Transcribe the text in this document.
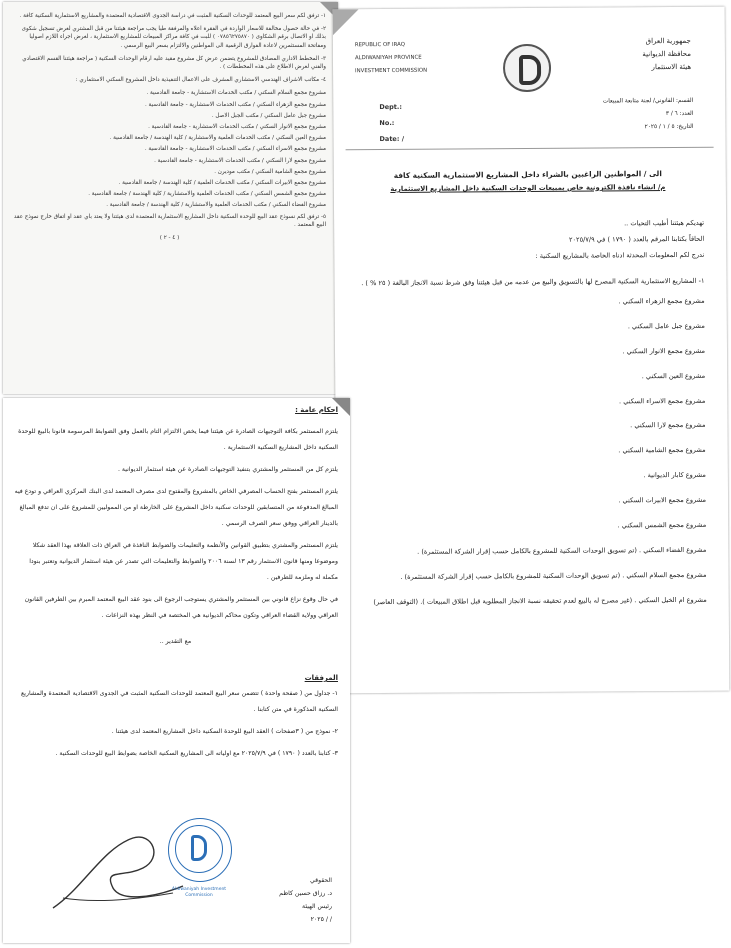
١- ترفق لكم سعر البيع المعتمد للوحدات السكنية المثبت في دراسة الجدوى الاقتصادية المعتمدة والمشاريع الاستثمارية السكنية كافة .

٢- في حالة حصول مخالفة للاسعار الواردة في الفقرة اعلاه والمرفقة طيا يجب مراجعة هيئتنا من قبل المشتري لغرض تسجيل شكوى بذلك او الاتصال برقم الشكاوى ( ٠٧٨٥٦٢٧٥٨٧٠ ) للبت في كافة مراكز المبيعات للمشاريع الاستثمارية ، لغرض اجراء اللازم اصوليا ومفاتحة المستثمرين لاعادة الفوارق الرقمية الى المواطنين والالتزام بسعر البيع الرسمي .

٣- المخطط الاداري المصادق للمشروع يتضمن عرض كل مشروع مقيد عليه ارقام الوحدات السكنية ( مراجعة هيئتنا القسم الاقتصادي والفني لغرض الاطلاع على هذه المخططات ) .

٤- مكاتب الاشراف الهندسي الاستشاري المشرف على الاعمال التنفيذية داخل المشروع السكني الاستثماري :

مشروع مجمع السلام السكني / مكتب الخدمات الاستشارية - جامعة القادسية .
مشروع مجمع الزهراء السكني / مكتب الخدمات الاستشارية - جامعة القادسية .
مشروع جبل عامل السكني / مكتب الجبل الاصل .
مشروع مجمع الانوار السكني / مكتب الخدمات الاستشارية - جامعة القادسية .
مشروع العين السكني / مكتب الخدمات العلمية والاستشارية / كلية الهندسة / جامعة القادسية .
مشروع مجمع الاسراء السكني / مكتب الخدمات الاستشارية - جامعة القادسية .
مشروع مجمع لارا السكني / مكتب الخدمات الاستشارية - جامعة القادسية .
مشروع مجمع الشامية السكني / مكتب موديرن .
مشروع مجمع الابيرات السكني / مكتب الخدمات العلمية / كلية الهندسة / جامعة القادسية .
مشروع مجمع الشمس السكني / مكتب الخدمات العلمية والاستشارية / كلية الهندسة / جامعة القادسية .
مشروع الفضاء السكني / مكتب الخدمات العلمية والاستشارية / كلية الهندسة / جامعة القادسية .

٥- ترفق لكم نسوذج عقد البيع للوحدة السكنية داخل المشاريع الاستثمارية المعتمدة لدى هيئتنا ولا يعتد باي عقد او اتفاق خارج نموذج عقد البيع المعتمد .

( ٤ - ٢ )
REPUBLIC OF IRAQ
ALDIWANIYAH PROVINCE
INVESTMENT COMMISSION
جمهورية العراق
محافظة الديوانية
هيئة الاستثمار
Dept.:
No.:
Date: /
القسم: القانوني/ لجنة متابعة المبيعات
العدد: ٦ / ٣
التاريخ: ٥ / ١ / ٢٠٢٥
الى / المواطنين الراغبين بالشراء داخل المشاريع الاستثمارية السكنية كافة
م/ انشاء نافذة الكترونية خاص بمبيعات الوحدات السكنية داخل المشاريع الاستثمارية

تهديكم هيئتنا أطيب التحيات ..

الحاقاً بكتابنا المرقم بالعدد ( ١٧٩٠ ) في ٢٠٢٥/٧/٩

ندرج لكم المعلومات المحدثة ادناه الخاصة بالمشاريع السكنية :

١- المشاريع الاستثمارية السكنية المصرح لها بالتسويق والبيع من عدمه من قبل هيئتنا وفق شرط نسبة الانجاز البالغة ( ٢٥ % ) .

مشروع مجمع الزهراء السكني .
مشروع جبل عامل السكني .
مشروع مجمع الانوار السكني .
مشروع العين السكني .
مشروع مجمع الاسراء السكني .
مشروع مجمع لارا السكني .
مشروع مجمع الشامية السكني .
مشروع كابار الديوانية .
مشروع مجمع الابيرات السكني .
مشروع مجمع الشمس السكني .
مشروع الفضاء السكني . (تم تسويق الوحدات السكنية للمشروع بالكامل حسب إقرار الشركة المستثمرة) .
مشروع مجمع السلام السكني . (تم تسويق الوحدات السكنية للمشروع بالكامل حسب إقرار الشركة المستثمرة) .
مشروع ام الخيل السكني . (غير مصرح له بالبيع لعدم تحقيقه نسبة الانجاز المطلوبة قبل اطلاق المبيعات ). (التوقف العاصر)
احكام عامة :

يلتزم المستثمر بكافة التوجيهات الصادرة عن هيئتنا فيما يخص الالتزام التام بالعمل وفق الضوابط المرسومة قانونا بالبيع للوحدة السكنية داخل المشاريع السكنية الاستثمارية .

يلتزم كل من المستثمر والمشتري بتنفيذ التوجيهات الصادرة عن هيئة استثمار الديوانية .

يلتزم المستثمر بفتح الحساب المصرفي الخاص بالمشروع والمفتوح لدى مصرف المعتمد لدى البنك المركزي العراقي و تودع فيه المبالغ المدفوعة من المتسابقين للوحدات سكنية داخل المشروع على الخارطة او من المموليين للمشروع على ان تدفع المبالغ بالدينار العراقي ووفق سعر الصرف الرسمي .

يلتزم المستثمر والمشتري بتطبيق القوانين والأنظمة والتعليمات والضوابط النافذة في العراق ذات العلاقة بهذا العقد شكلا وموضوعا ومنها قانون الاستثمار رقم ١٣ لسنة ٢٠٠٦ والضوابط والتعليمات التي تصدر عن هيئة استثمار الديوانية وتعتبر بنودا مكملة له وملزمة للطرفين .

في حال وقوع نزاع قانوني بين المستثمر والمشتري يستوجب الرجوع الى بنود عقد البيع المعتمد المبرم بين الطرفين القانون العراقي وولاية القضاء العراقي وتكون محاكم الديوانية هي المختصة في النظر بهذه النزاعات .

مع التقدير ..

المرفقات

١- جداول من ( صفحة واحدة ) تتضمن سعر البيع المعتمد للوحدات السكنية المثبت في الجدوى الاقتصادية المعتمدة والمشاريع السكنية المذكورة في متن كتابنا .

٢- نموذج من ( ٣صفحات ) العقد البيع للوحدة السكنية داخل المشاريع المعتمد لدى هيئتنا .

٣- كتابنا بالعدد ( ١٧٩٠ ) في ٢٠٢٥/٧/٩ مع اولياته الى المشاريع السكنية الخاصة بضوابط البيع للوحدات السكنية .

Aldiwaniyah Investment Commission
الحقوقي
د. رزاق حسين كاظم
رئيس الهيئة
/ / ٢٠٢٥
